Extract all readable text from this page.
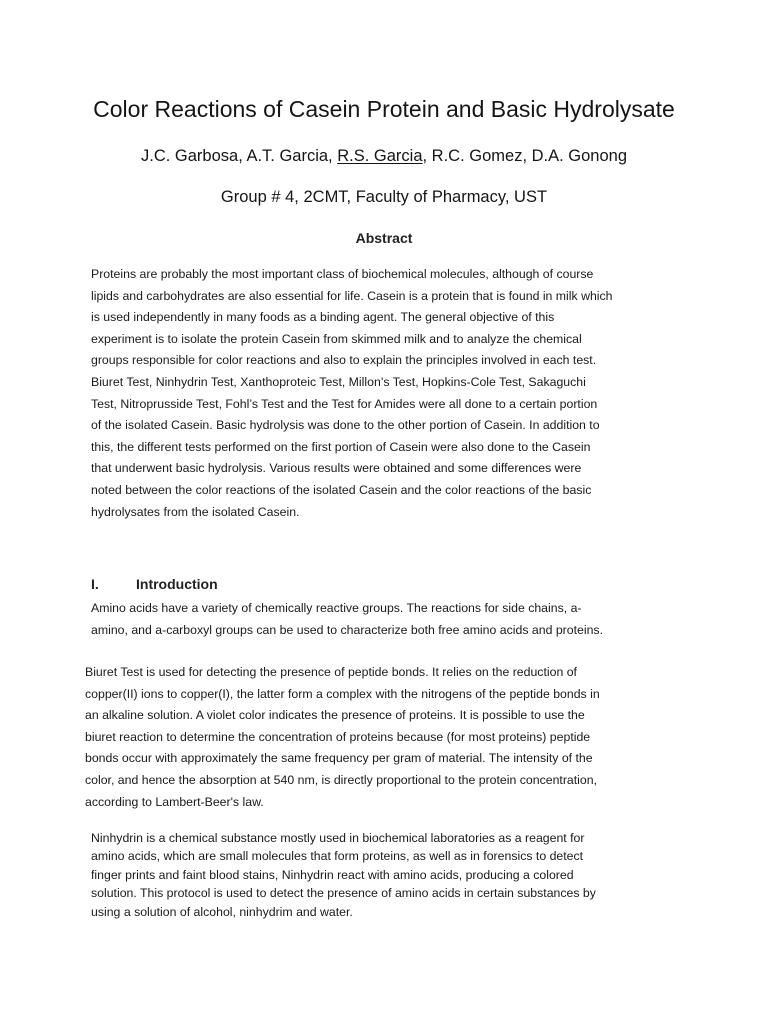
Color Reactions of Casein Protein and Basic Hydrolysate
J.C. Garbosa, A.T. Garcia, R.S. Garcia, R.C. Gomez, D.A. Gonong
Group # 4, 2CMT, Faculty of Pharmacy, UST
Abstract
Proteins are probably the most important class of biochemical molecules, although of course
lipids and carbohydrates are also essential for life. Casein is a protein that is found in milk which
is used independently in many foods as a binding agent. The general objective of this
experiment is to isolate the protein Casein from skimmed milk and to analyze the chemical
groups responsible for color reactions and also to explain the principles involved in each test.
Biuret Test, Ninhydrin Test, Xanthoproteic Test, Millon’s Test, Hopkins-Cole Test, Sakaguchi
Test, Nitroprusside Test, Fohl’s Test and the Test for Amides were all done to a certain portion
of the isolated Casein. Basic hydrolysis was done to the other portion of Casein. In addition to
this, the different tests performed on the first portion of Casein were also done to the Casein
that underwent basic hydrolysis. Various results were obtained and some differences were
noted between the color reactions of the isolated Casein and the color reactions of the basic
hydrolysates from the isolated Casein.
I.	Introduction
Amino acids have a variety of chemically reactive groups. The reactions for side chains, a-
amino, and a-carboxyl groups can be used to characterize both free amino acids and proteins.
Biuret Test is used for detecting the presence of peptide bonds. It relies on the reduction of
copper(II) ions to copper(I), the latter form a complex with the nitrogens of the peptide bonds in
an alkaline solution. A violet color indicates the presence of proteins. It is possible to use the
biuret reaction to determine the concentration of proteins because (for most proteins) peptide
bonds occur with approximately the same frequency per gram of material. The intensity of the
color, and hence the absorption at 540 nm, is directly proportional to the protein concentration,
according to Lambert-Beer's law.
Ninhydrin is a chemical substance mostly used in biochemical laboratories as a reagent for
amino acids, which are small molecules that form proteins, as well as in forensics to detect
finger prints and faint blood stains, Ninhydrin react with amino acids, producing a colored
solution. This protocol is used to detect the presence of amino acids in certain substances by
using a solution of alcohol, ninhydrim and water.
